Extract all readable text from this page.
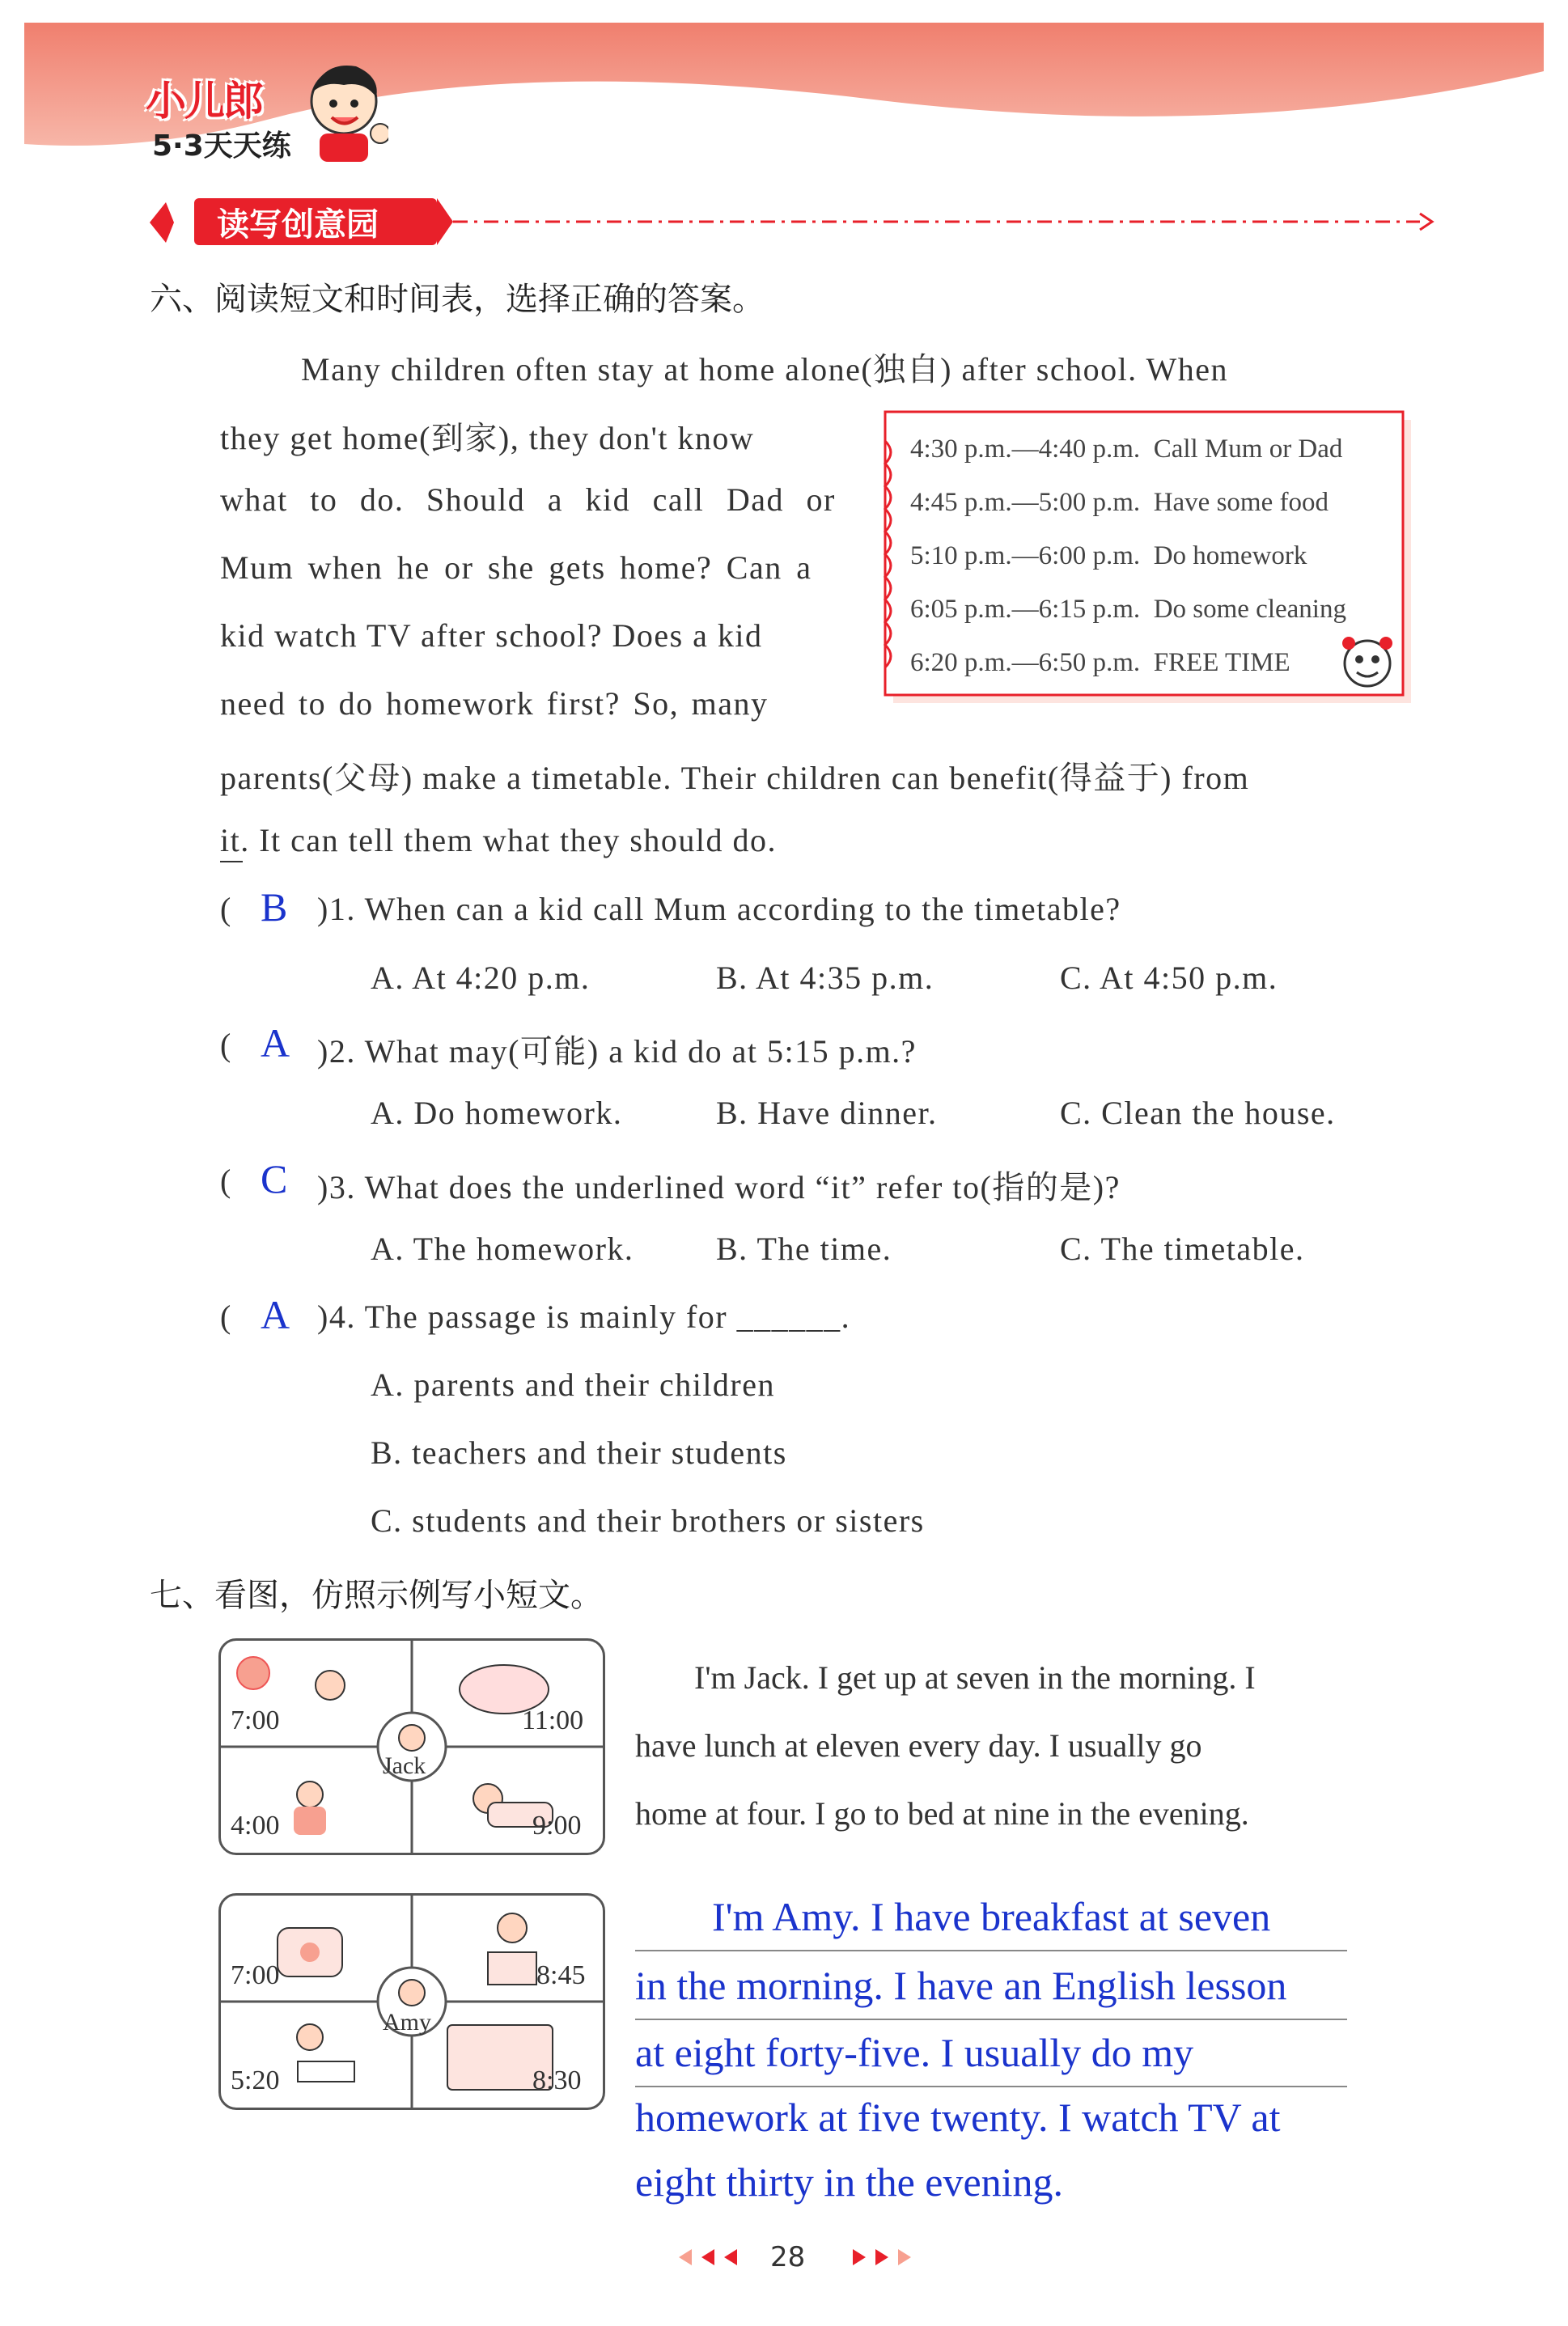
小儿郎
5·3天天练
读写创意园
六、阅读短文和时间表，选择正确的答案。
Many children often stay at home alone(独自) after school. When
they get home(到家), they don't know
what to do. Should a kid call Dad or
Mum when he or she gets home? Can a
kid watch TV after school? Does a kid
need to do homework first? So, many
parents(父母) make a timetable. Their children can benefit(得益于) from
it. It can tell them what they should do.
4:30 p.m.—4:40 p.m. Call Mum or Dad
4:45 p.m.—5:00 p.m. Have some food
5:10 p.m.—6:00 p.m. Do homework
6:05 p.m.—6:15 p.m. Do some cleaning
6:20 p.m.—6:50 p.m. FREE TIME
( B )1. When can a kid call Mum according to the timetable?
A. At 4:20 p.m.	B. At 4:35 p.m.	C. At 4:50 p.m.
( A )2. What may(可能) a kid do at 5:15 p.m.?
A. Do homework.	B. Have dinner.	C. Clean the house.
( C )3. What does the underlined word “it” refer to(指的是)?
A. The homework.	B. The time.	C. The timetable.
( A )4. The passage is mainly for ______.
A. parents and their children
B. teachers and their students
C. students and their brothers or sisters
七、看图，仿照示例写小短文。
7:00	11:00
4:00	9:00
Jack
I'm Jack. I get up at seven in the morning. I
have lunch at eleven every day. I usually go
home at four. I go to bed at nine in the evening.
7:00	8:45
5:20	8:30
Amy
I'm Amy. I have breakfast at seven
in the morning. I have an English lesson
at eight forty-five. I usually do my
homework at five twenty. I watch TV at
eight thirty in the evening.
28
